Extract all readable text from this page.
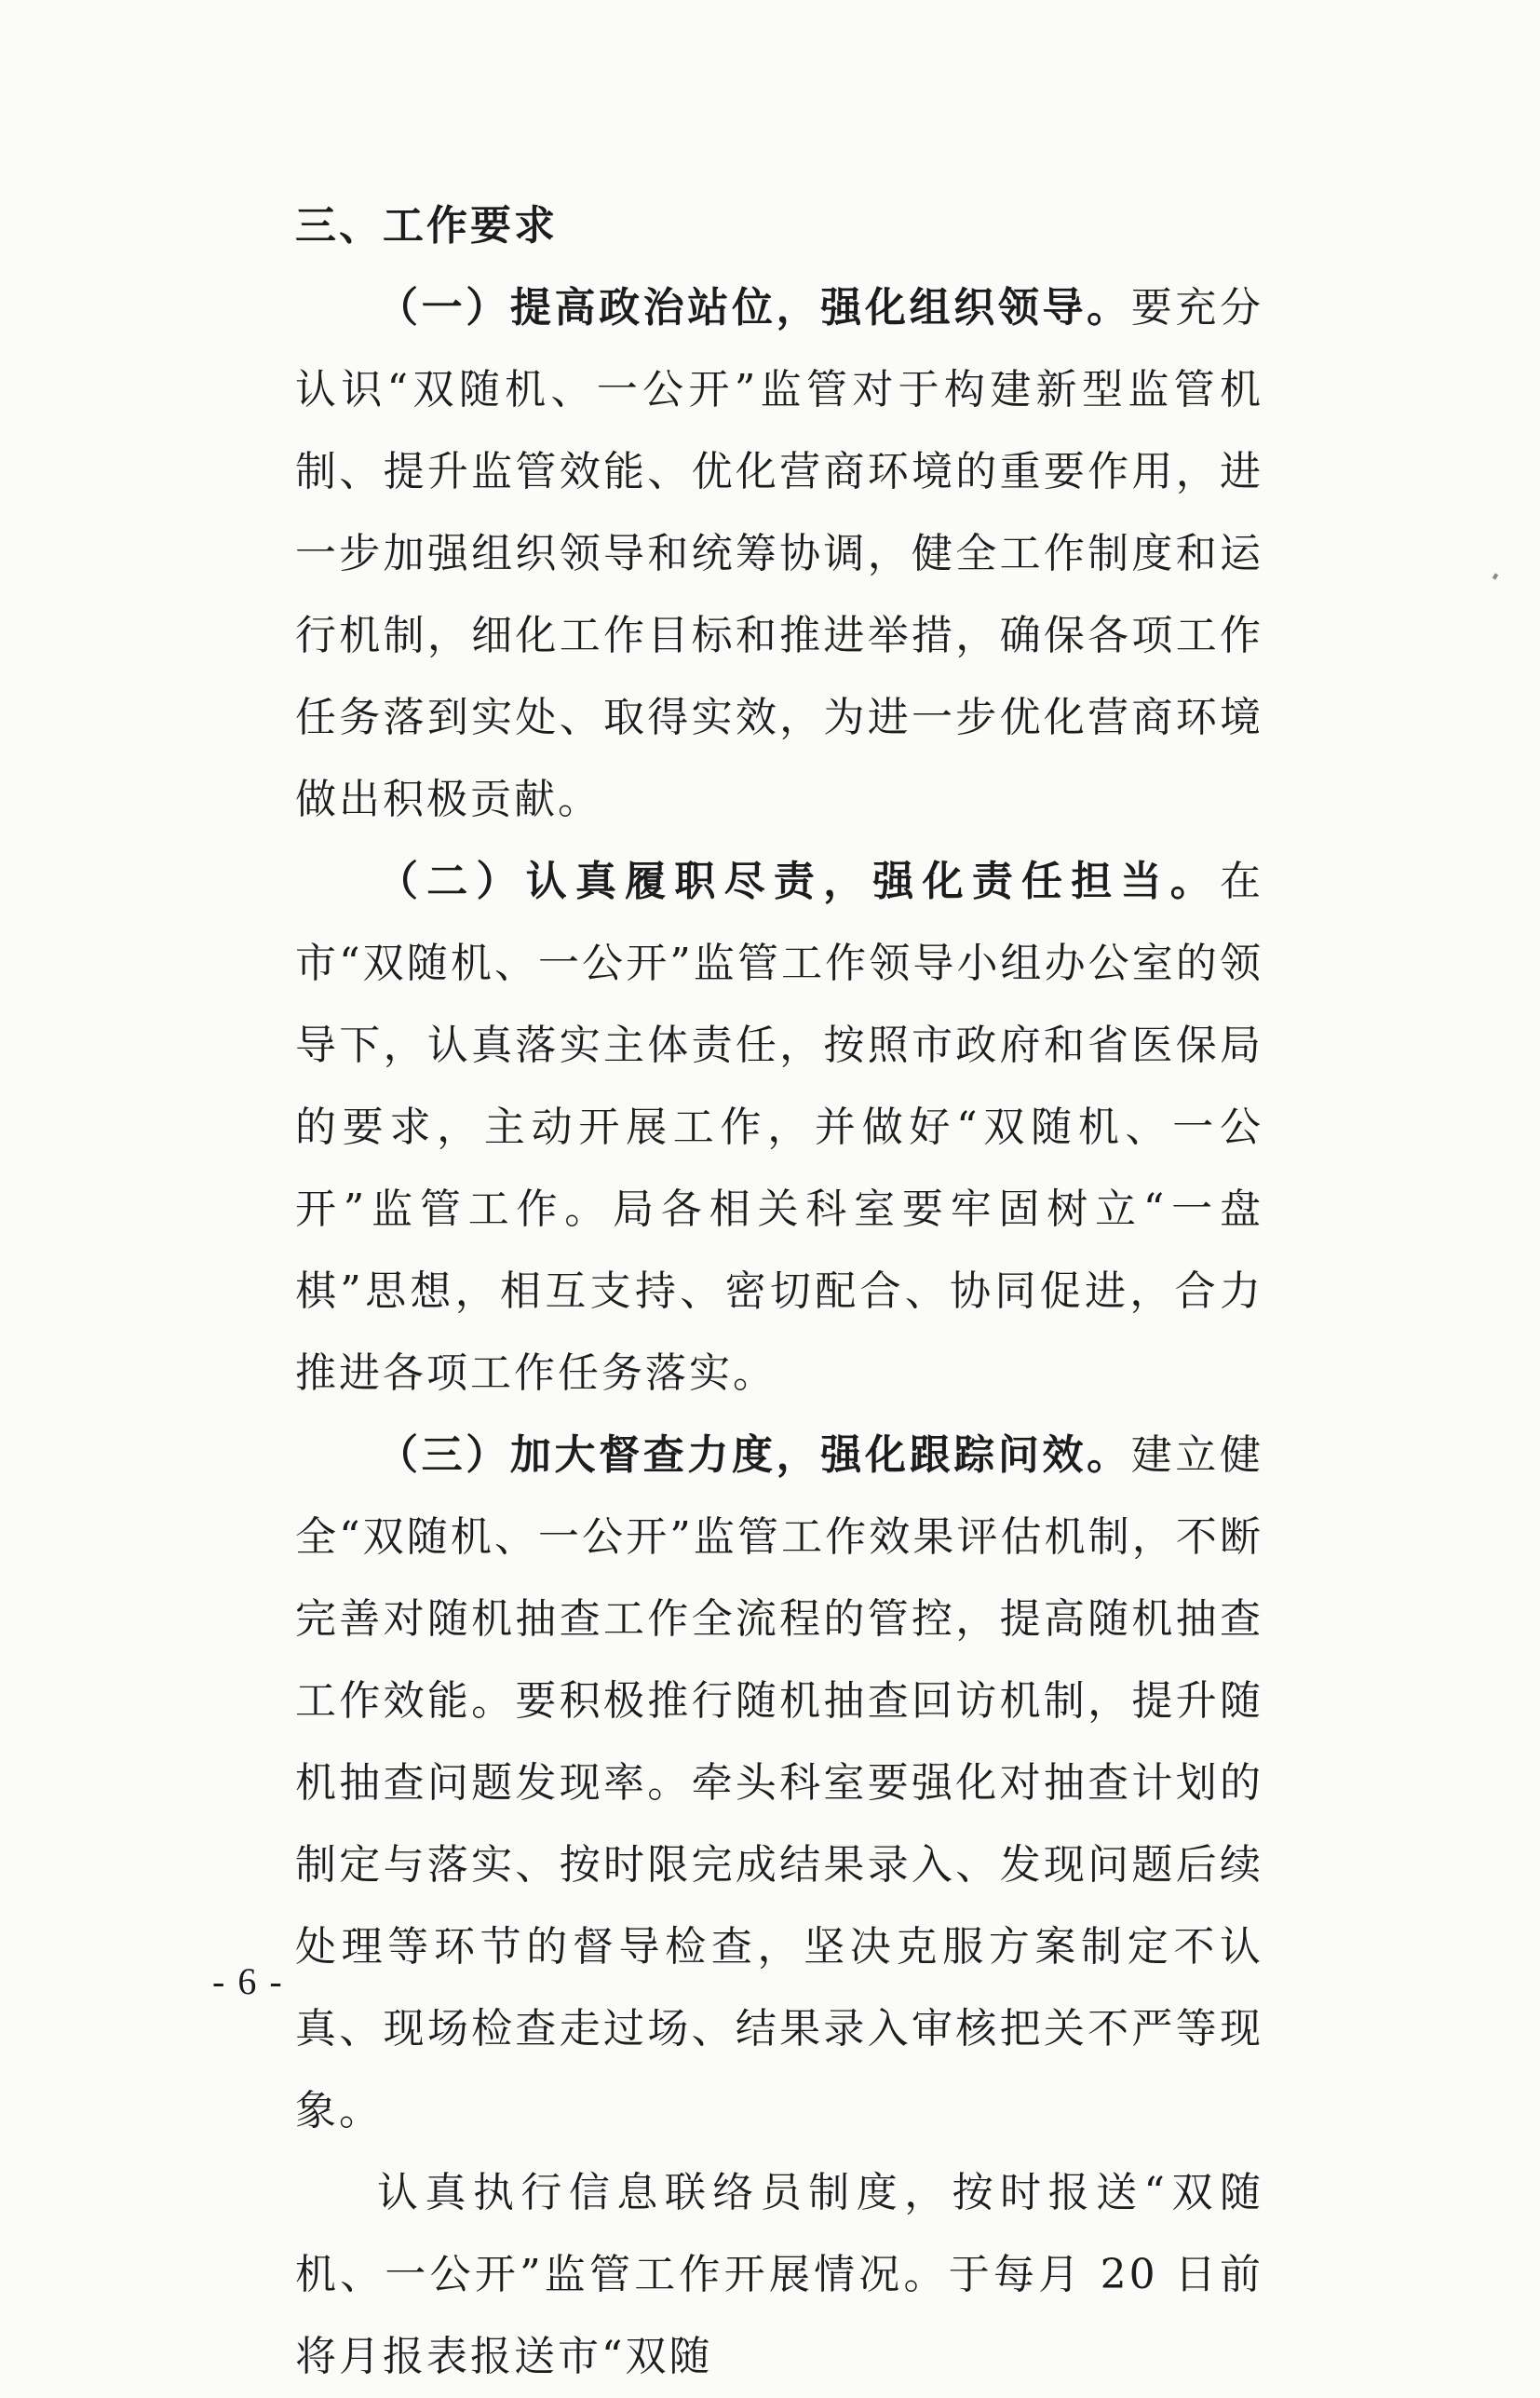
三、工作要求

（一）提高政治站位，强化组织领导。要充分认识“双随机、一公开”监管对于构建新型监管机制、提升监管效能、优化营商环境的重要作用，进一步加强组织领导和统筹协调，健全工作制度和运行机制，细化工作目标和推进举措，确保各项工作任务落到实处、取得实效，为进一步优化营商环境做出积极贡献。

（二）认真履职尽责，强化责任担当。在市“双随机、一公开”监管工作领导小组办公室的领导下，认真落实主体责任，按照市政府和省医保局的要求，主动开展工作，并做好“双随机、一公开”监管工作。局各相关科室要牢固树立“一盘棋”思想，相互支持、密切配合、协同促进，合力推进各项工作任务落实。

（三）加大督查力度，强化跟踪问效。建立健全“双随机、一公开”监管工作效果评估机制，不断完善对随机抽查工作全流程的管控，提高随机抽查工作效能。要积极推行随机抽查回访机制，提升随机抽查问题发现率。牵头科室要强化对抽查计划的制定与落实、按时限完成结果录入、发现问题后续处理等环节的督导检查，坚决克服方案制定不认真、现场检查走过场、结果录入审核把关不严等现象。

认真执行信息联络员制度，按时报送“双随机、一公开”监管工作开展情况。于每月 20 日前将月报表报送市“双随

- 6 -
